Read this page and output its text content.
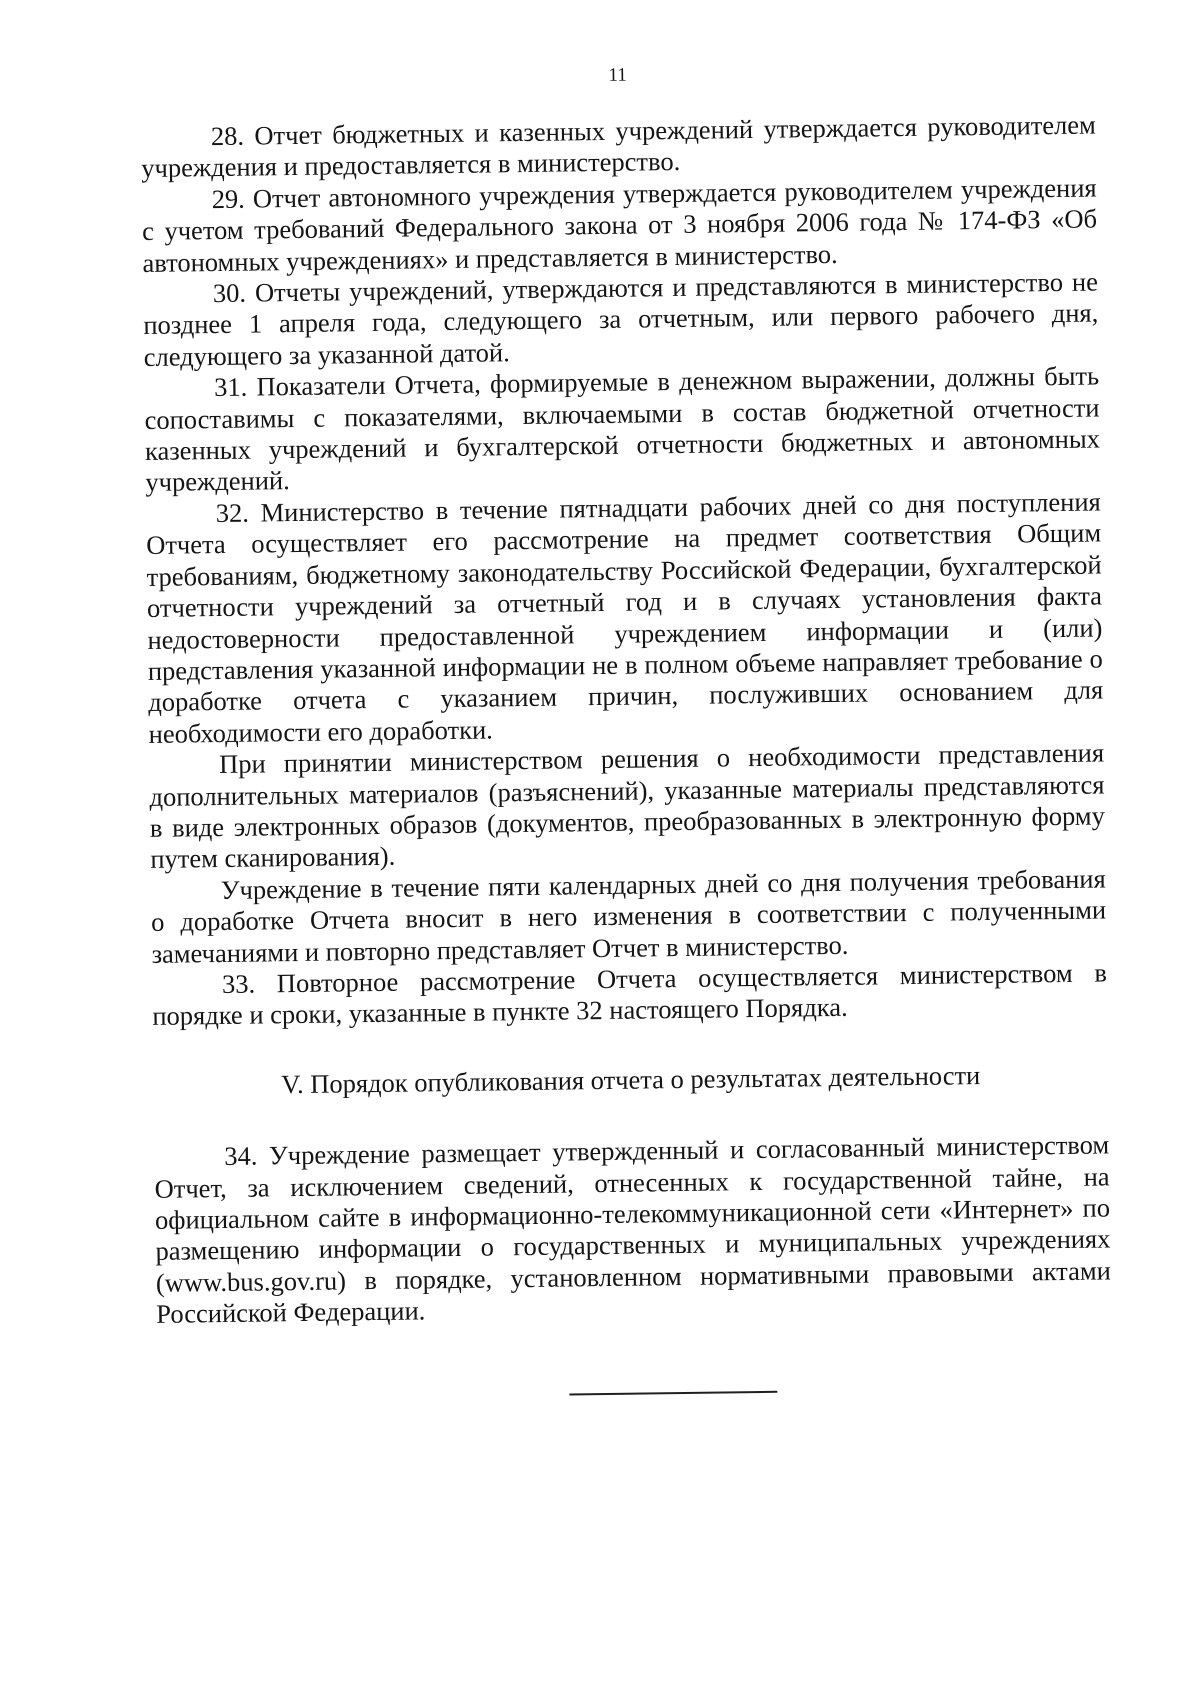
11

28. Отчет бюджетных и казенных учреждений утверждается руководителем учреждения и предоставляется в министерство.

29. Отчет автономного учреждения утверждается руководителем учреждения с учетом требований Федерального закона от 3 ноября 2006 года № 174-ФЗ «Об автономных учреждениях» и представляется в министерство.

30. Отчеты учреждений, утверждаются и представляются в министерство не позднее 1 апреля года, следующего за отчетным, или первого рабочего дня, следующего за указанной датой.

31. Показатели Отчета, формируемые в денежном выражении, должны быть сопоставимы с показателями, включаемыми в состав бюджетной отчетности казенных учреждений и бухгалтерской отчетности бюджетных и автономных учреждений.

32. Министерство в течение пятнадцати рабочих дней со дня поступления Отчета осуществляет его рассмотрение на предмет соответствия Общим требованиям, бюджетному законодательству Российской Федерации, бухгалтерской отчетности учреждений за отчетный год и в случаях установления факта недостоверности предоставленной учреждением информации и (или) представления указанной информации не в полном объеме направляет требование о доработке отчета с указанием причин, послуживших основанием для необходимости его доработки.

При принятии министерством решения о необходимости представления дополнительных материалов (разъяснений), указанные материалы представляются в виде электронных образов (документов, преобразованных в электронную форму путем сканирования).

Учреждение в течение пяти календарных дней со дня получения требования о доработке Отчета вносит в него изменения в соответствии с полученными замечаниями и повторно представляет Отчет в министерство.

33. Повторное рассмотрение Отчета осуществляется министерством в порядке и сроки, указанные в пункте 32 настоящего Порядка.

V. Порядок опубликования отчета о результатах деятельности

34. Учреждение размещает утвержденный и согласованный министерством Отчет, за исключением сведений, отнесенных к государственной тайне, на официальном сайте в информационно-телекоммуникационной сети «Интернет» по размещению информации о государственных и муниципальных учреждениях (www.bus.gov.ru) в порядке, установленном нормативными правовыми актами Российской Федерации.
